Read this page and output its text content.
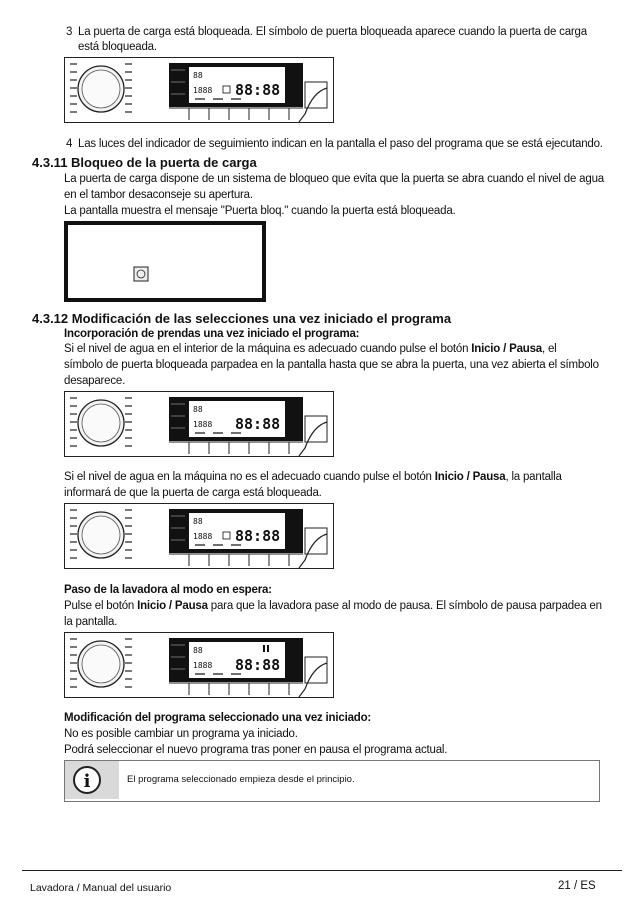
3 La puerta de carga está bloqueada. El símbolo de puerta bloqueada aparece cuando la puerta de carga
está bloqueada.
88
1888 88:88
4 Las luces del indicador de seguimiento indican en la pantalla el paso del programa que se está ejecutando.
4.3.11 Bloqueo de la puerta de carga
La puerta de carga dispone de un sistema de bloqueo que evita que la puerta se abra cuando el nivel de agua
en el tambor desaconseje su apertura.
La pantalla muestra el mensaje "Puerta bloq." cuando la puerta está bloqueada.
4.3.12 Modificación de las selecciones una vez iniciado el programa
Incorporación de prendas una vez iniciado el programa:
Si el nivel de agua en el interior de la máquina es adecuado cuando pulse el botón Inicio / Pausa, el
símbolo de puerta bloqueada parpadea en la pantalla hasta que se abra la puerta, una vez abierta el símbolo
desaparece.
88
1888 88:88
Si el nivel de agua en la máquina no es el adecuado cuando pulse el botón Inicio / Pausa, la pantalla
informará de que la puerta de carga está bloqueada.
88
1888 88:88
Paso de la lavadora al modo en espera:
Pulse el botón Inicio / Pausa para que la lavadora pase al modo de pausa. El símbolo de pausa parpadea en
la pantalla.
88
1888 88:88
Modificación del programa seleccionado una vez iniciado:
No es posible cambiar un programa ya iniciado.
Podrá seleccionar el nuevo programa tras poner en pausa el programa actual.
i	El programa seleccionado empieza desde el principio.
Lavadora / Manual del usuario	21 / ES
